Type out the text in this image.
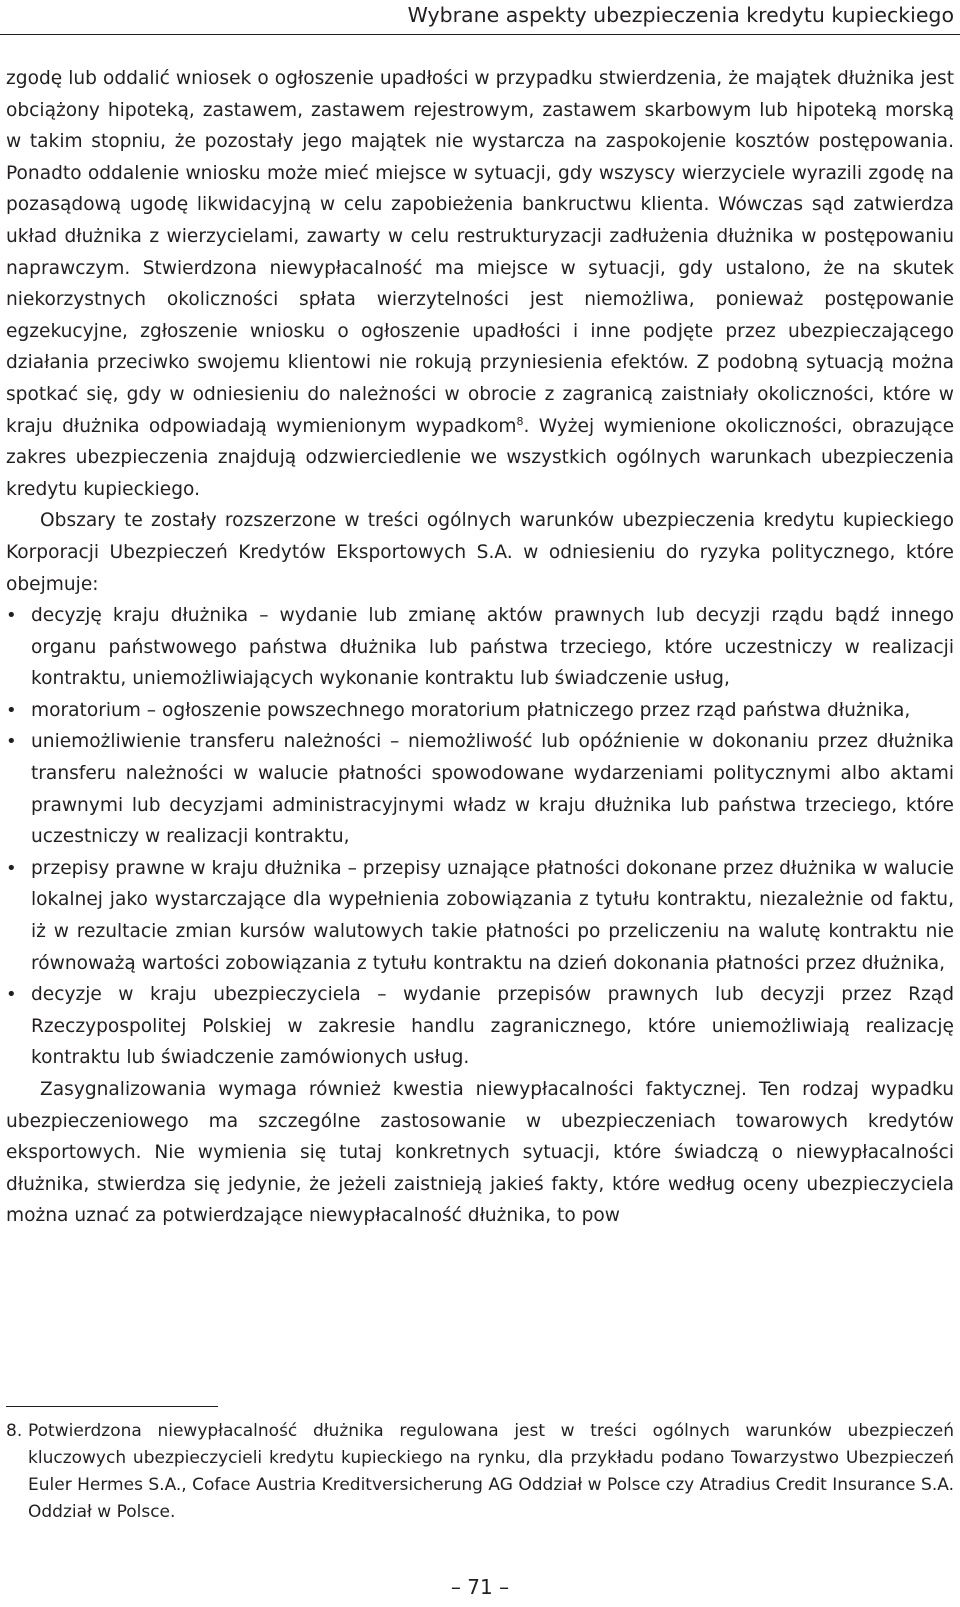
Wybrane aspekty ubezpieczenia kredytu kupieckiego

zgodę lub oddalić wniosek o ogłoszenie upadłości w przypadku stwierdzenia, że majątek dłużnika jest obciążony hipoteką, zastawem, zastawem rejestrowym, zastawem skarbowym lub hipoteką morską w takim stopniu, że pozostały jego majątek nie wystarcza na zaspokojenie kosztów postępowania. Ponadto oddalenie wniosku może mieć miejsce w sytuacji, gdy wszyscy wierzyciele wyrazili zgodę na pozasądową ugodę likwidacyjną w celu zapobieżenia bankructwu klienta. Wówczas sąd zatwierdza układ dłużnika z wierzycielami, zawarty w celu restrukturyzacji zadłużenia dłużnika w postępowaniu naprawczym. Stwierdzona niewypłacalność ma miejsce w sytuacji, gdy ustalono, że na skutek niekorzystnych okoliczności spłata wierzytelności jest niemożliwa, ponieważ postępowanie egzekucyjne, zgłoszenie wniosku o ogłoszenie upadłości i inne podjęte przez ubezpieczającego działania przeciwko swojemu klientowi nie rokują przyniesienia efektów. Z podobną sytuacją można spotkać się, gdy w odniesieniu do należności w obrocie z zagranicą zaistniały okoliczności, które w kraju dłużnika odpowiadają wymienionym wypadkom$^8$. Wyżej wymienione okoliczności, obrazujące zakres ubezpieczenia znajdują odzwierciedlenie we wszystkich ogólnych warunkach ubezpieczenia kredytu kupieckiego.

Obszary te zostały rozszerzone w treści ogólnych warunków ubezpieczenia kredytu kupieckiego Korporacji Ubezpieczeń Kredytów Eksportowych S.A. w odniesieniu do ryzyka politycznego, które obejmuje:

• decyzję kraju dłużnika – wydanie lub zmianę aktów prawnych lub decyzji rządu bądź innego organu państwowego państwa dłużnika lub państwa trzeciego, które uczestniczy w realizacji kontraktu, uniemożliwiających wykonanie kontraktu lub świadczenie usług,
• moratorium – ogłoszenie powszechnego moratorium płatniczego przez rząd państwa dłużnika,
• uniemożliwienie transferu należności – niemożliwość lub opóźnienie w dokonaniu przez dłużnika transferu należności w walucie płatności spowodowane wydarzeniami politycznymi albo aktami prawnymi lub decyzjami administracyjnymi władz w kraju dłużnika lub państwa trzeciego, które uczestniczy w realizacji kontraktu,
• przepisy prawne w kraju dłużnika – przepisy uznające płatności dokonane przez dłużnika w walucie lokalnej jako wystarczające dla wypełnienia zobowiązania z tytułu kontraktu, niezależnie od faktu, iż w rezultacie zmian kursów walutowych takie płatności po przeliczeniu na walutę kontraktu nie równoważą wartości zobowiązania z tytułu kontraktu na dzień dokonania płatności przez dłużnika,
• decyzje w kraju ubezpieczyciela – wydanie przepisów prawnych lub decyzji przez Rząd Rzeczypospolitej Polskiej w zakresie handlu zagranicznego, które uniemożliwiają realizację kontraktu lub świadczenie zamówionych usług.

Zasygnalizowania wymaga również kwestia niewypłacalności faktycznej. Ten rodzaj wypadku ubezpieczeniowego ma szczególne zastosowanie w ubezpieczeniach towarowych kredytów eksportowych. Nie wymienia się tutaj konkretnych sytuacji, które świadczą o niewypłacalności dłużnika, stwierdza się jedynie, że jeżeli zaistnieją jakieś fakty, które według oceny ubezpieczyciela można uznać za potwierdzające niewypłacalność dłużnika, to pow

8. Potwierdzona niewypłacalność dłużnika regulowana jest w treści ogólnych warunków ubezpieczeń kluczowych ubezpieczycieli kredytu kupieckiego na rynku, dla przykładu podano Towarzystwo Ubezpieczeń Euler Hermes S.A., Coface Austria Kreditversicherung AG Oddział w Polsce czy Atradius Credit Insurance S.A. Oddział w Polsce.
– 71 –
